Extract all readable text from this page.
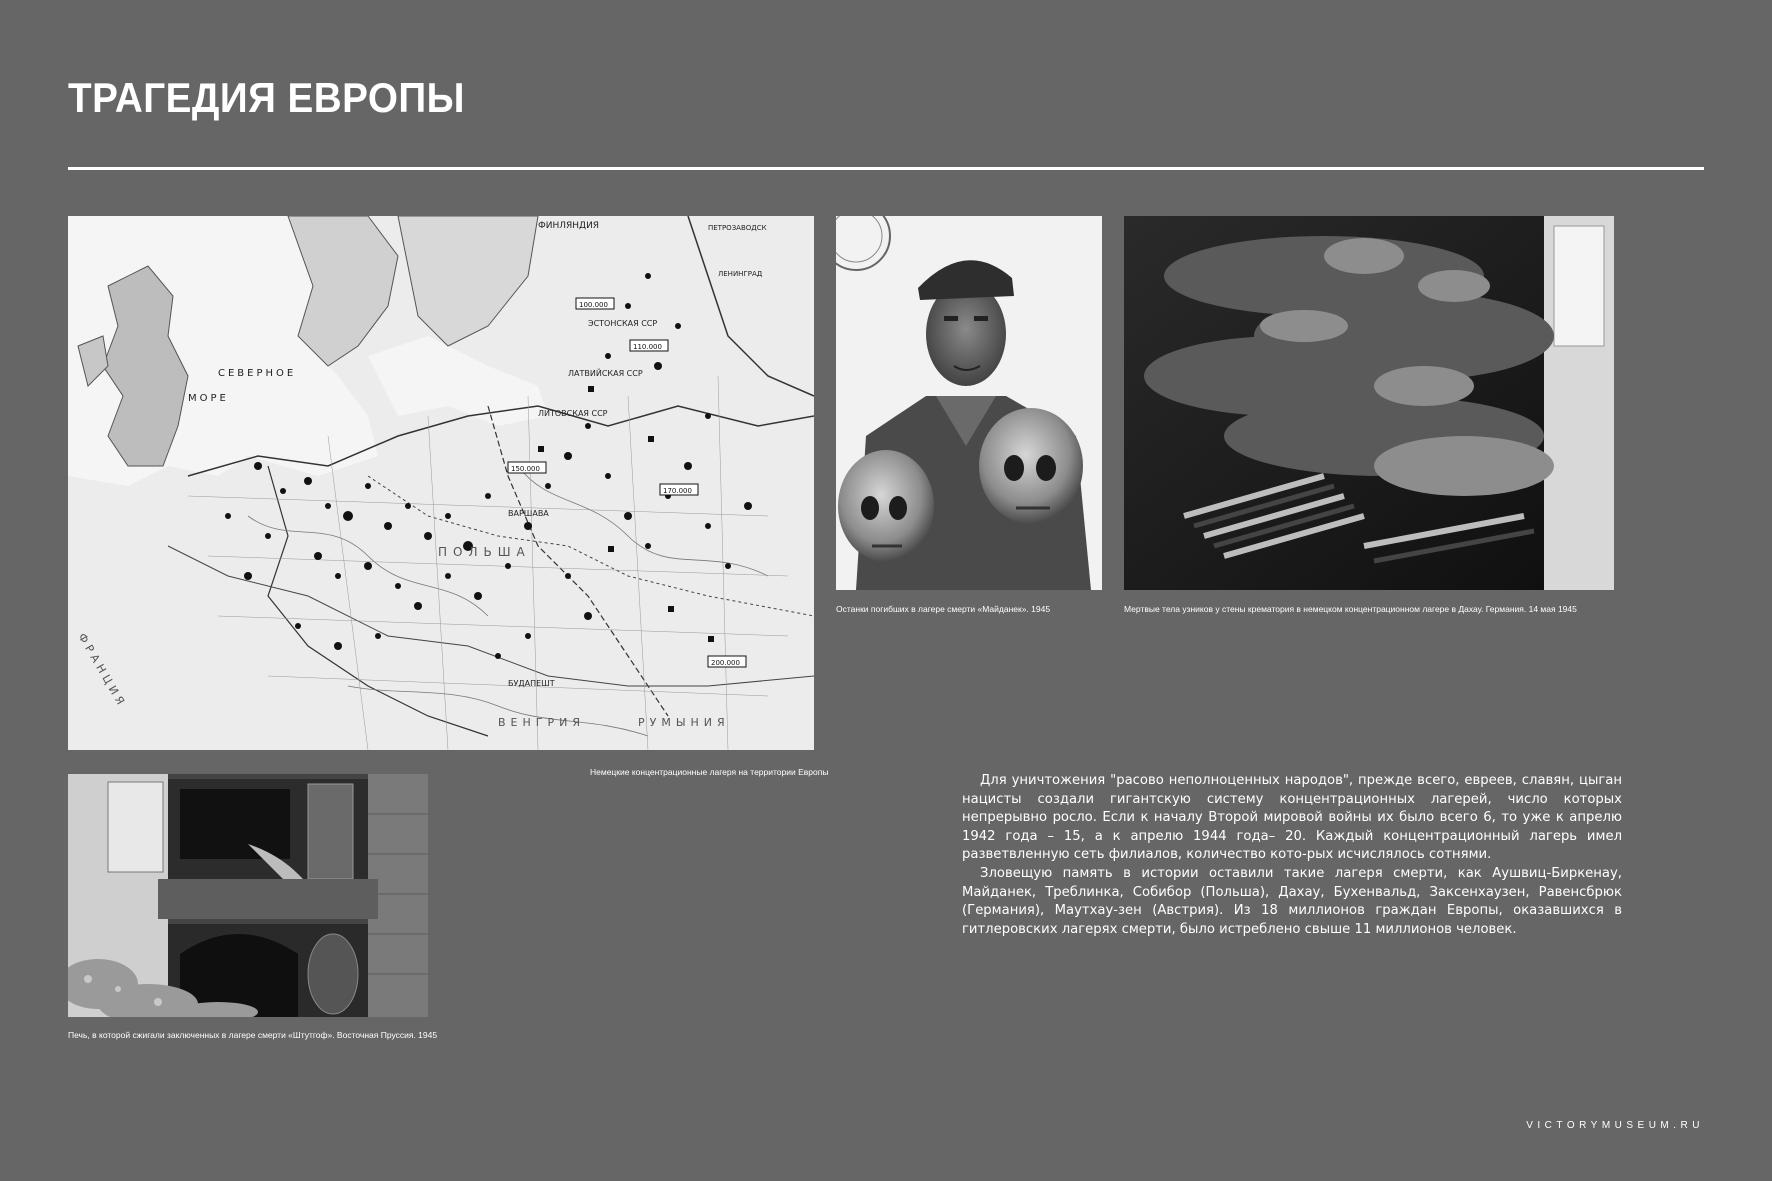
ТРАГЕДИЯ ЕВРОПЫ
100.000
110.000
150.000
170.000
200.000
ФИНЛЯНДИЯ	ПЕТРОЗАВОДСК
ЛЕНИНГРАД
ЭСТОНСКАЯ ССР
ЛАТВИЙСКАЯ ССР
ЛИТОВСКАЯ ССР
СЕВЕРНОЕ
МОРЕ
ВАРШАВА
ПОЛЬША
БУДАПЕШТ
ВЕНГРИЯ	РУМЫНИЯ
ФРАНЦИЯ
Немецкие концентрационные лагеря на территории Европы
Останки погибших в лагере смерти «Майданек». 1945	Мертвые тела узников у стены крематория в немецком концентрационном лагере в Дахау. Германия. 14 мая 1945
Печь, в которой сжигали заключенных в лагере смерти «Штутгоф». Восточная Пруссия. 1945

Для уничтожения "расово неполноценных народов", прежде всего, евреев, славян, цыган нацисты создали гигантскую систему концентрационных лагерей, число которых непрерывно росло. Если к началу Второй мировой войны их было всего 6, то уже к апрелю 1942 года – 15, а к апрелю 1944 года– 20. Каждый концентрационный лагерь имел разветвленную сеть филиалов, количество кото-рых исчислялось сотнями.

Зловещую память в истории оставили такие лагеря смерти, как Аушвиц-Биркенау, Майданек, Треблинка, Собибор (Польша), Дахау, Бухенвальд, Заксенхаузен, Равенсбрюк (Германия), Маутхау-зен (Австрия). Из 18 миллионов граждан Европы, оказавшихся в гитлеровских лагерях смерти, было истреблено свыше 11 миллионов человек.

VICTORYMUSEUM.RU
